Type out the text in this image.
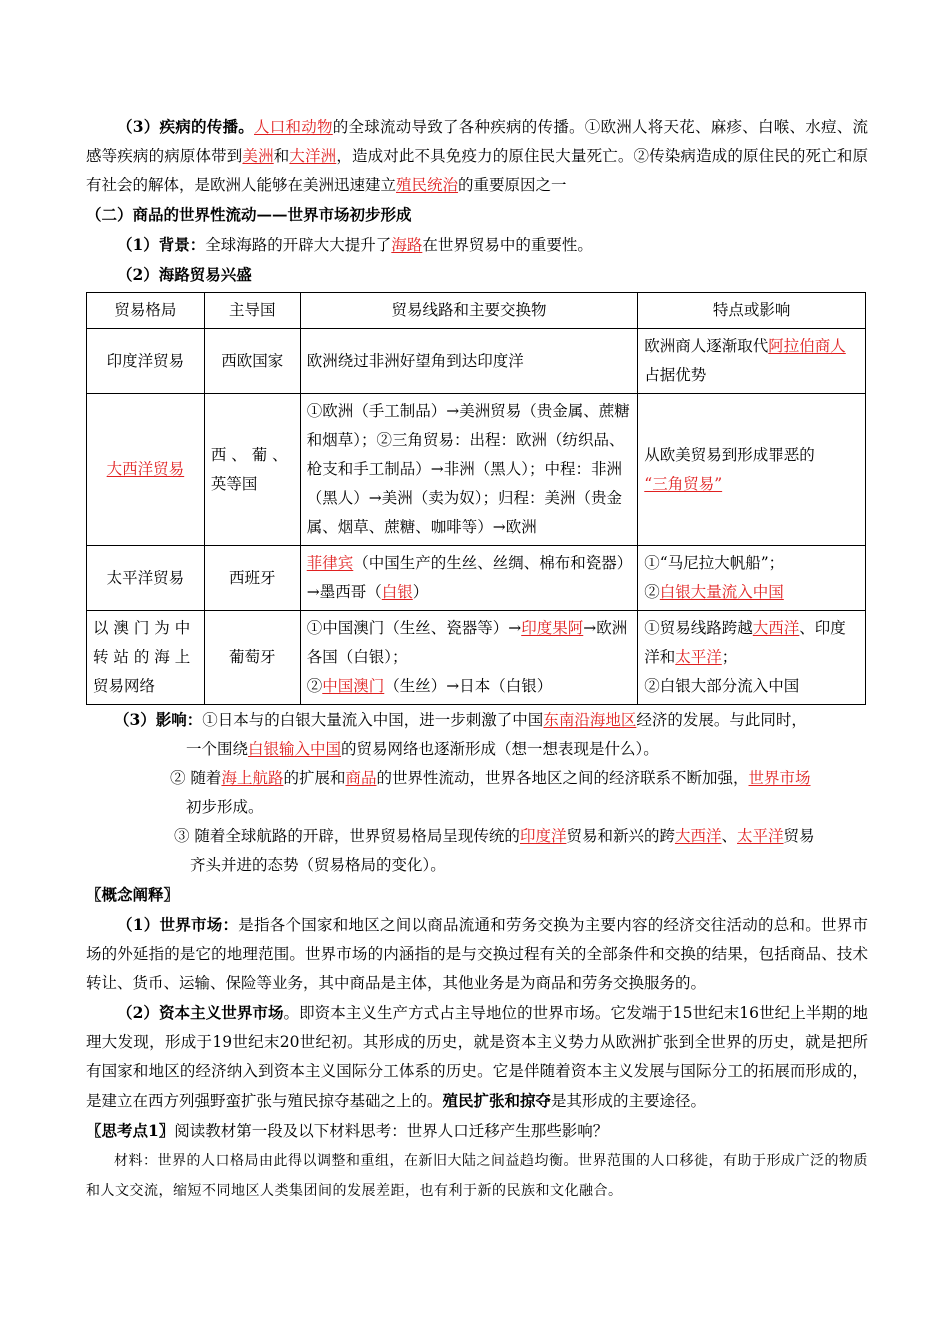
（3）疾病的传播。人口和动物的全球流动导致了各种疾病的传播。①欧洲人将天花、麻疹、白喉、水痘、流感等疾病的病原体带到美洲和大洋洲，造成对此不具免疫力的原住民大量死亡。②传染病造成的原住民的死亡和原有社会的解体，是欧洲人能够在美洲迅速建立殖民统治的重要原因之一

（二）商品的世界性流动——世界市场初步形成

（1）背景：全球海路的开辟大大提升了海路在世界贸易中的重要性。

（2）海路贸易兴盛

贸易格局	主导国	贸易线路和主要交换物	特点或影响
印度洋贸易	西欧国家	欧洲绕过非洲好望角到达印度洋	欧洲商人逐渐取代阿拉伯商人占据优势
大西洋贸易	西 、 葡 、英等国	①欧洲（手工制品）→美洲贸易（贵金属、蔗糖和烟草）；②三角贸易：出程：欧洲（纺织品、枪支和手工制品）→非洲（黑人）；中程：非洲（黑人）→美洲（卖为奴）；归程：美洲（贵金属、烟草、蔗糖、咖啡等）→欧洲	从欧美贸易到形成罪恶的
“三角贸易”
太平洋贸易	西班牙	菲律宾（中国生产的生丝、丝绸、棉布和瓷器）→墨西哥（白银）	①“马尼拉大帆船”；
②白银大量流入中国
以 澳 门 为 中 转 站 的 海 上 贸易网络	葡萄牙	①中国澳门（生丝、瓷器等）→印度果阿→欧洲各国（白银）；
②中国澳门（生丝）→日本（白银）	①贸易线路跨越大西洋、印度洋和太平洋；
②白银大部分流入中国

（3）影响：①日本与的白银大量流入中国，进一步刺激了中国东南沿海地区经济的发展。与此同时，

一个围绕白银输入中国的贸易网络也逐渐形成（想一想表现是什么）。

② 随着海上航路的扩展和商品的世界性流动，世界各地区之间的经济联系不断加强，世界市场

初步形成。

③ 随着全球航路的开辟，世界贸易格局呈现传统的印度洋贸易和新兴的跨大西洋、太平洋贸易

齐头并进的态势（贸易格局的变化）。

〖概念阐释〗

（1）世界市场：是指各个国家和地区之间以商品流通和劳务交换为主要内容的经济交往活动的总和。世界市场的外延指的是它的地理范围。世界市场的内涵指的是与交换过程有关的全部条件和交换的结果，包括商品、技术转让、货币、运输、保险等业务，其中商品是主体，其他业务是为商品和劳务交换服务的。

（2）资本主义世界市场。即资本主义生产方式占主导地位的世界市场。它发端于15世纪末16世纪上半期的地理大发现，形成于19世纪末20世纪初。其形成的历史，就是资本主义势力从欧洲扩张到全世界的历史，就是把所有国家和地区的经济纳入到资本主义国际分工体系的历史。它是伴随着资本主义发展与国际分工的拓展而形成的，是建立在西方列强野蛮扩张与殖民掠夺基础之上的。殖民扩张和掠夺是其形成的主要途径。

〖思考点1〗阅读教材第一段及以下材料思考：世界人口迁移产生那些影响？

材料：世界的人口格局由此得以调整和重组，在新旧大陆之间益趋均衡。世界范围的人口移徙，有助于形成广泛的物质和人文交流，缩短不同地区人类集团间的发展差距，也有利于新的民族和文化融合。
